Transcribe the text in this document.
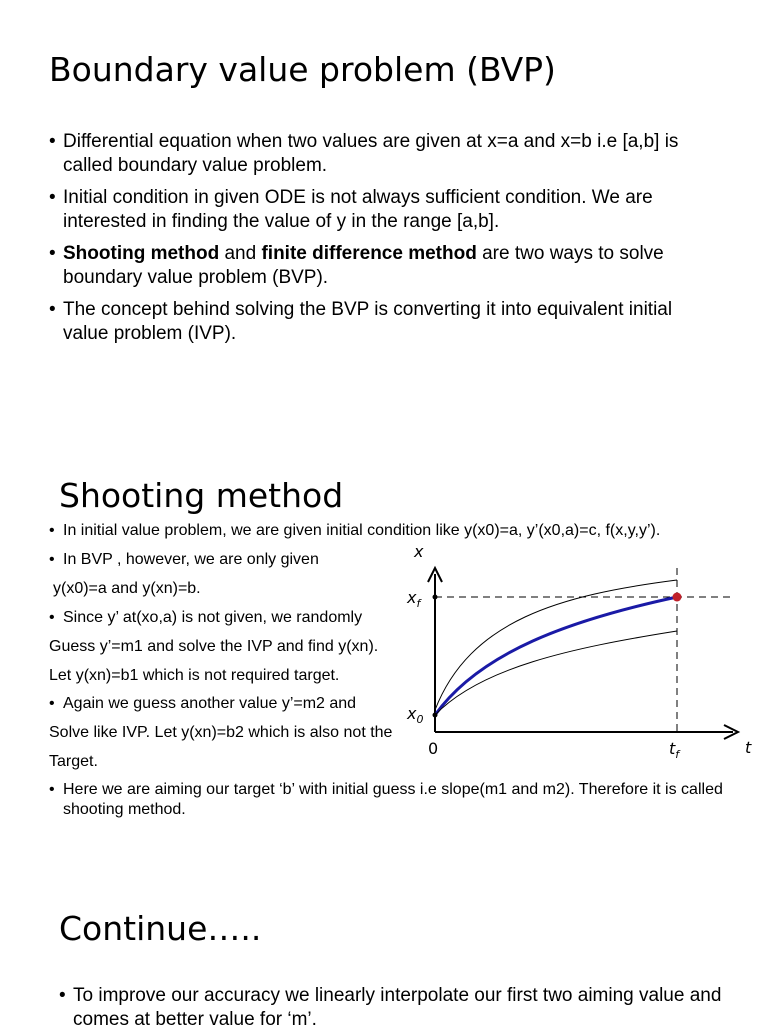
Boundary value problem (BVP)
• Differential equation when two values are given at x=a and x=b i.e [a,b] is called boundary value problem.
• Initial condition in given ODE is not always sufficient condition. We are interested in finding the value of y in the range [a,b].
• Shooting method and finite difference method are two ways to solve boundary value problem (BVP).
• The concept behind solving the BVP is converting it into equivalent initial value problem (IVP).
Shooting method
• In initial value problem, we are given initial condition like y(x0)=a, y’(x0,a)=c, f(x,y,y’).
• In BVP , however, we are only given
y(x0)=a and y(xn)=b.
• Since y’ at(xo,a) is not given, we randomly
Guess y’=m1 and solve the IVP and find y(xn).
Let y(xn)=b1 which is not required target.
• Again we guess another value y’=m2 and
Solve like IVP. Let y(xn)=b2 which is also not the
Target.
• Here we are aiming our target ‘b’ with initial guess i.e slope(m1 and m2). Therefore it is called shooting method.
x
$x_f$
$x_0$
0	$t_f$	t
Continue…..
• To improve our accuracy we linearly interpolate our first two aiming value and comes at better value for ‘m’.
